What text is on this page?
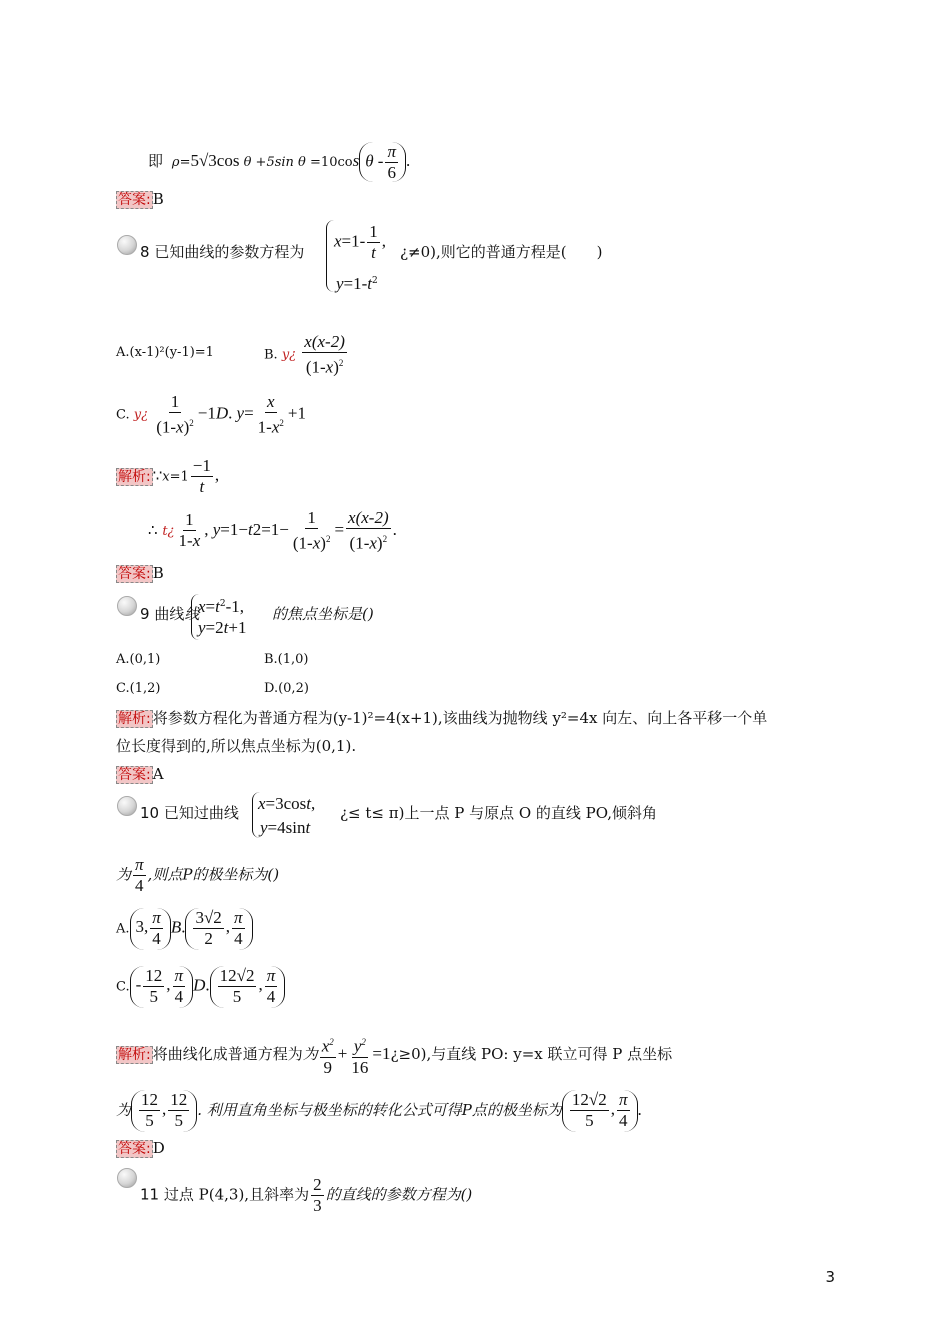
即  ρ=5√3cos θ +5sin θ =10cos θ - $\frac{\pi}{6}$ .
答案: B
8 已知曲线的参数方程为
$x=1- \frac{1}{t}$ ,
$y=1-t^2$
¿≠0),则它的普通方程是(　　)
A.(x-1)²(y-1)=1	B. y¿ $\frac{x(x-2)}{(1-x)^2}$
C. y¿ $\frac{1}{(1-x)^2} -1D$. $y= \frac{x}{1-x^2} +1$
解析: ∵x=1 $\frac{-1}{t}$ ,
∴ t¿ $\frac{1}{1-x}$ , $y=1-t2=1- \frac{1}{(1-x)^2} = \frac{x(x-2)}{(1-x)^2}$ .
答案: B
9 曲线线
$x=t^2-1$,
y=2t+1
的焦点坐标是()
A.(0,1)	B.(1,0)
C.(1,2)	D.(0,2)
解析: 将参数方程化为普通方程为(y-1)²=4(x+1),该曲线为抛物线 y²=4x 向左、向上各平移一个单
位长度得到的,所以焦点坐标为(0,1).
答案: A
10 已知过曲线 x=3cost,
y=4sint
¿≤ t≤ π)上一点 P 与原点 O 的直线 PO,倾斜角
为 $\frac{\pi}{4}$ ,则点P的极坐标为()
A. 3, $\frac{\pi}{4} B$. $\frac{3√2}{2}$ , $\frac{\pi}{4}$
C. - $\frac{12}{5}$ , $\frac{\pi}{4} D$. $\frac{12√2}{5}$ , $\frac{\pi}{4}$
解析: 将曲线化成普通方程为为 $\frac{x^2}{9} + \frac{y^2}{16}$ =1¿≥0),与直线 PO: y=x 联立可得 P 点坐标
为 $\frac{12}{5}$ , $\frac{12}{5}$ . 利用直角坐标与极坐标的转化公式可得P点的极坐标为 $\frac{12√2}{5}$ , $\frac{\pi}{4}$ .
答案: D
11 过点 P(4,3),且斜率为 $\frac{2}{3}$ 的直线的参数方程为()
3
